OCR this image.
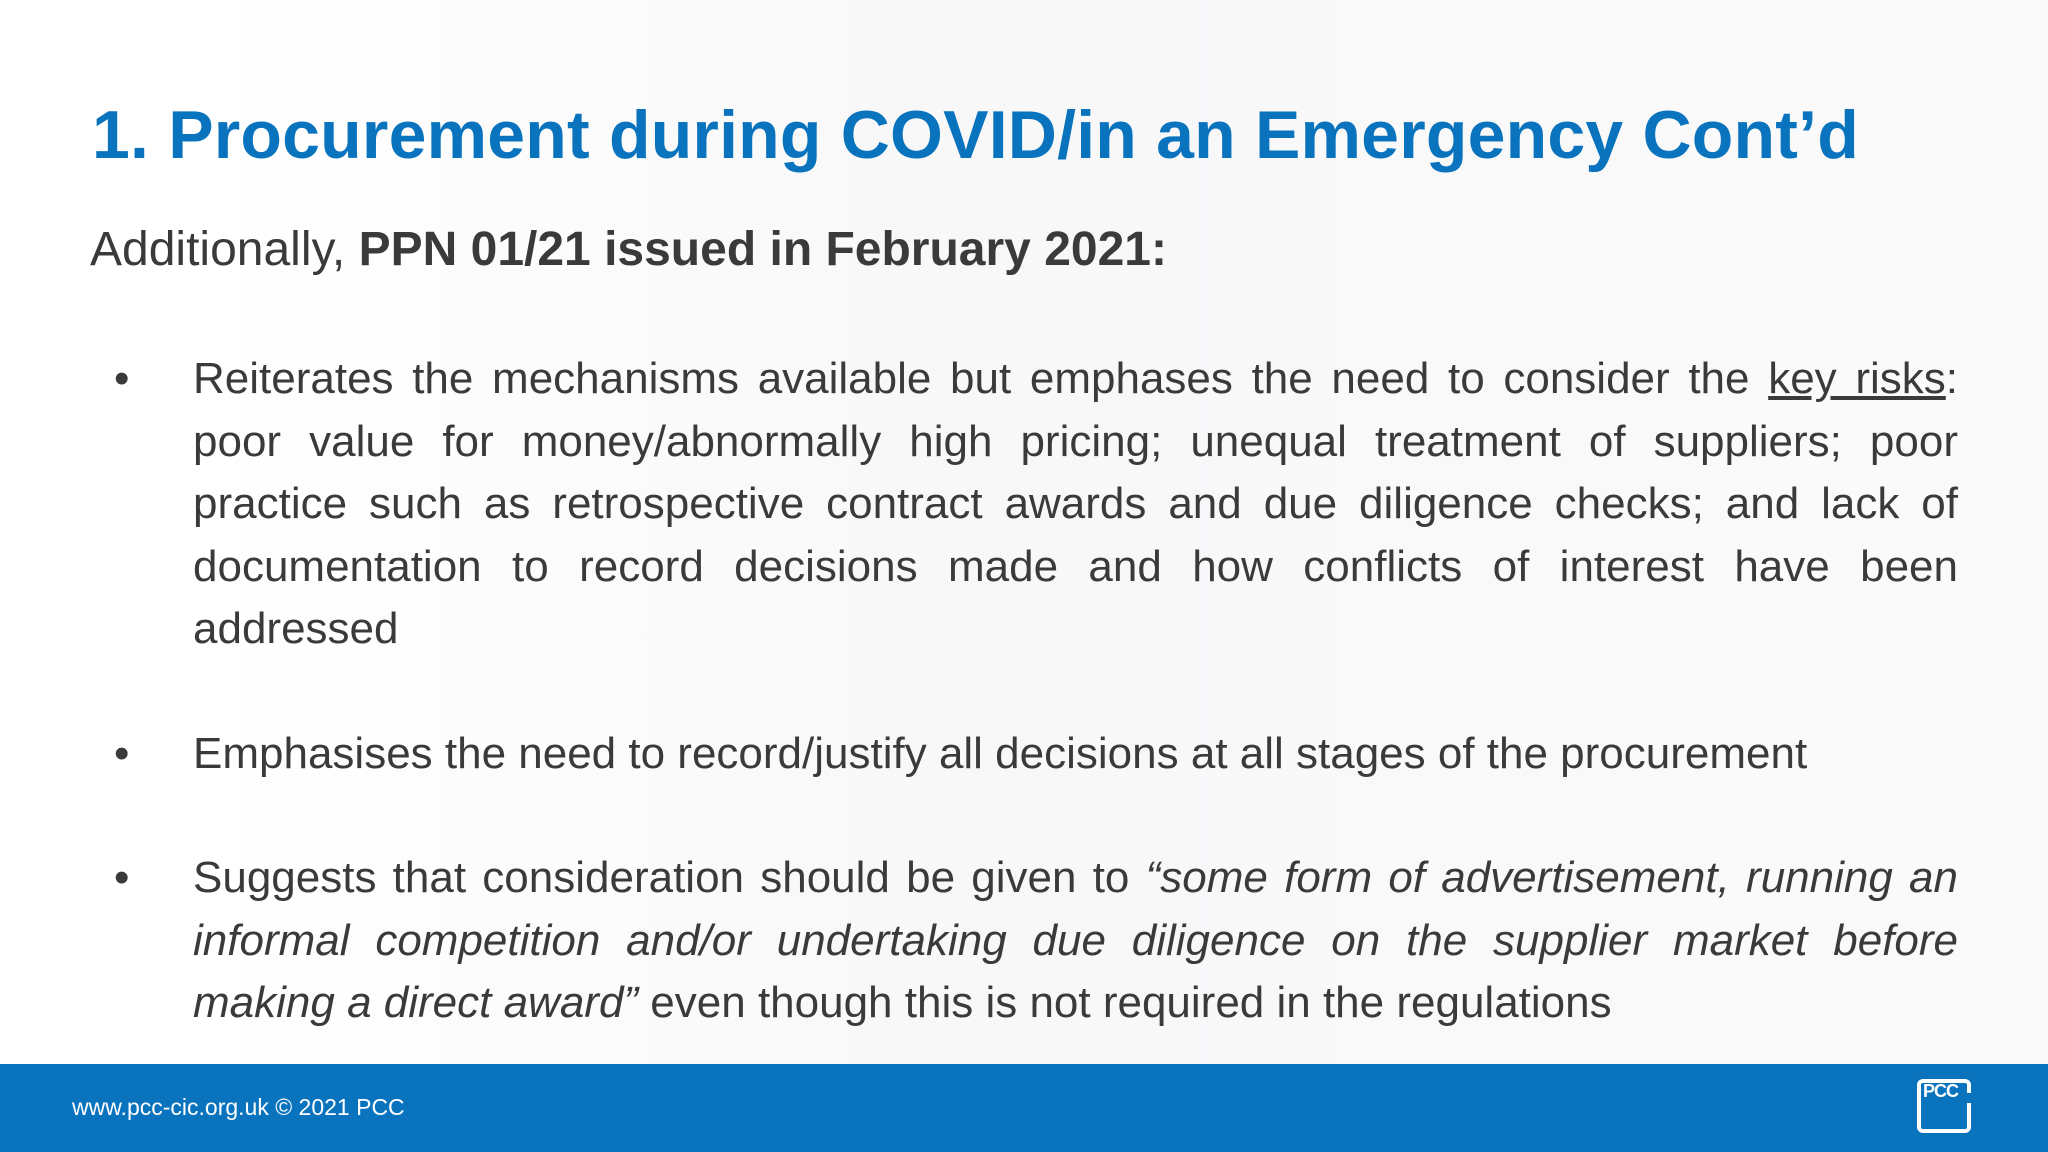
1. Procurement during COVID/in an Emergency Cont’d
Additionally, PPN 01/21 issued in February 2021:
• Reiterates the mechanisms available but emphases the need to consider the key risks: poor value for money/abnormally high pricing; unequal treatment of suppliers; poor practice such as retrospective contract awards and due diligence checks; and lack of documentation to record decisions made and how conflicts of interest have been addressed
• Emphasises the need to record/justify all decisions at all stages of the procurement
• Suggests that consideration should be given to “some form of advertisement, running an informal competition and/or undertaking due diligence on the supplier market before making a direct award” even though this is not required in the regulations
www.pcc-cic.org.uk © 2021 PCC
PCC
